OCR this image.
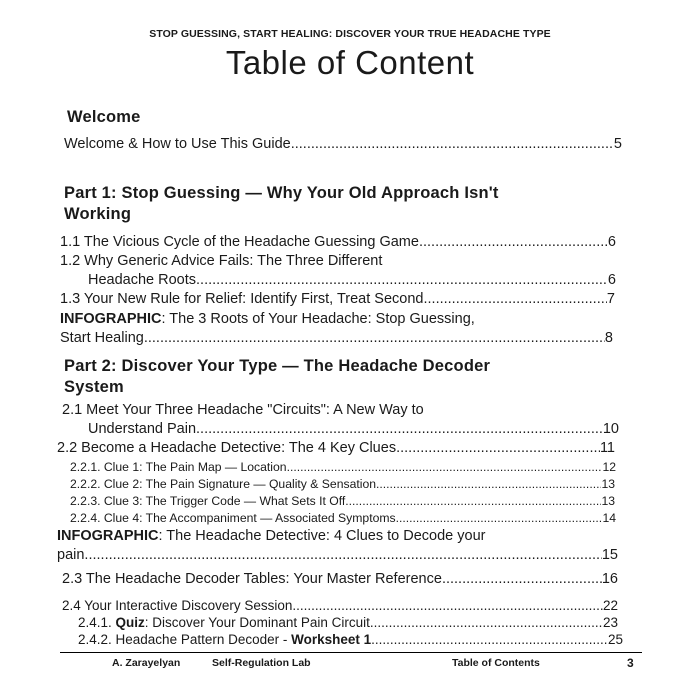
STOP GUESSING, START HEALING: DISCOVER YOUR TRUE HEADACHE TYPE
Table of Content
Welcome
Welcome & How to Use This Guide .....	5
Part 1: Stop Guessing — Why Your Old Approach Isn't
Working
1.1 The Vicious Cycle of the Headache Guessing Game .....	6
1.2 Why Generic Advice Fails: The Three Different
Headache Roots .....	6
1.3 Your New Rule for Relief: Identify First, Treat Second .....	7
INFOGRAPHIC: The 3 Roots of Your Headache: Stop Guessing,
Start Healing .....	8
Part 2: Discover Your Type — The Headache Decoder
System
2.1 Meet Your Three Headache "Circuits": A New Way to
Understand Pain .....	10
2.2 Become a Headache Detective: The 4 Key Clues .....	11
2.2.1. Clue 1: The Pain Map — Location .....	12
2.2.2. Clue 2: The Pain Signature — Quality & Sensation .....	13
2.2.3. Clue 3: The Trigger Code — What Sets It Off .....	13
2.2.4. Clue 4: The Accompaniment — Associated Symptoms .....	14
INFOGRAPHIC: The Headache Detective: 4 Clues to Decode your
pain .....	15
2.3 The Headache Decoder Tables: Your Master Reference .....	16
2.4 Your Interactive Discovery Session .....	22
2.4.1. Quiz: Discover Your Dominant Pain Circuit .....	23
2.4.2. Headache Pattern Decoder - Worksheet 1 .....	25
A. Zarayelyan	Self-Regulation Lab	Table of Contents	3
